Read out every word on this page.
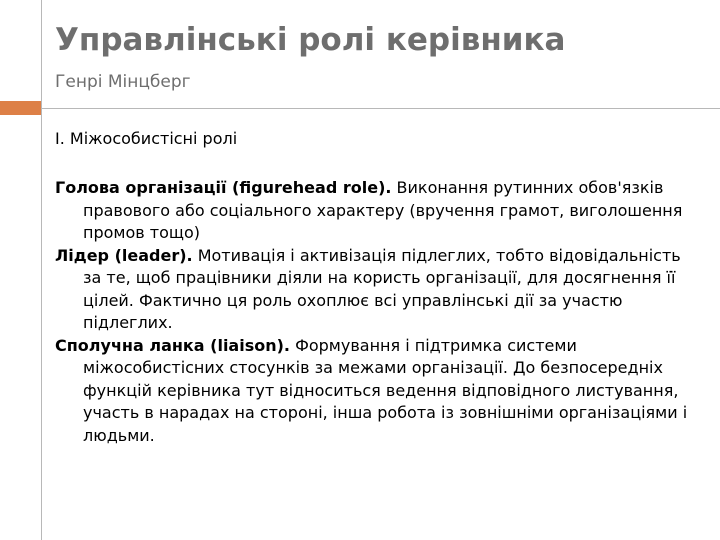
Управлінські ролі керівника
Генрі Мінцберг

І. Міжособистісні ролі

Голова організації (figurehead role). Виконання рутинних обов'язків правового або соціального характеру (вручення грамот, виголошення промов тощо)

Лідер (leader). Мотивація і активізація підлеглих, тобто відовідальність за те, щоб працівники діяли на користь організації, для досягнення її цілей. Фактично ця роль охоплює всі управлінські дії за участю підлеглих.

Сполучна ланка (liaison). Формування і підтримка системи міжособистісних стосунків за межами організації. До безпосередніх функцій керівника тут відноситься ведення відповідного листування, участь в нарадах на стороні, інша робота із зовнішніми організаціями і людьми.
